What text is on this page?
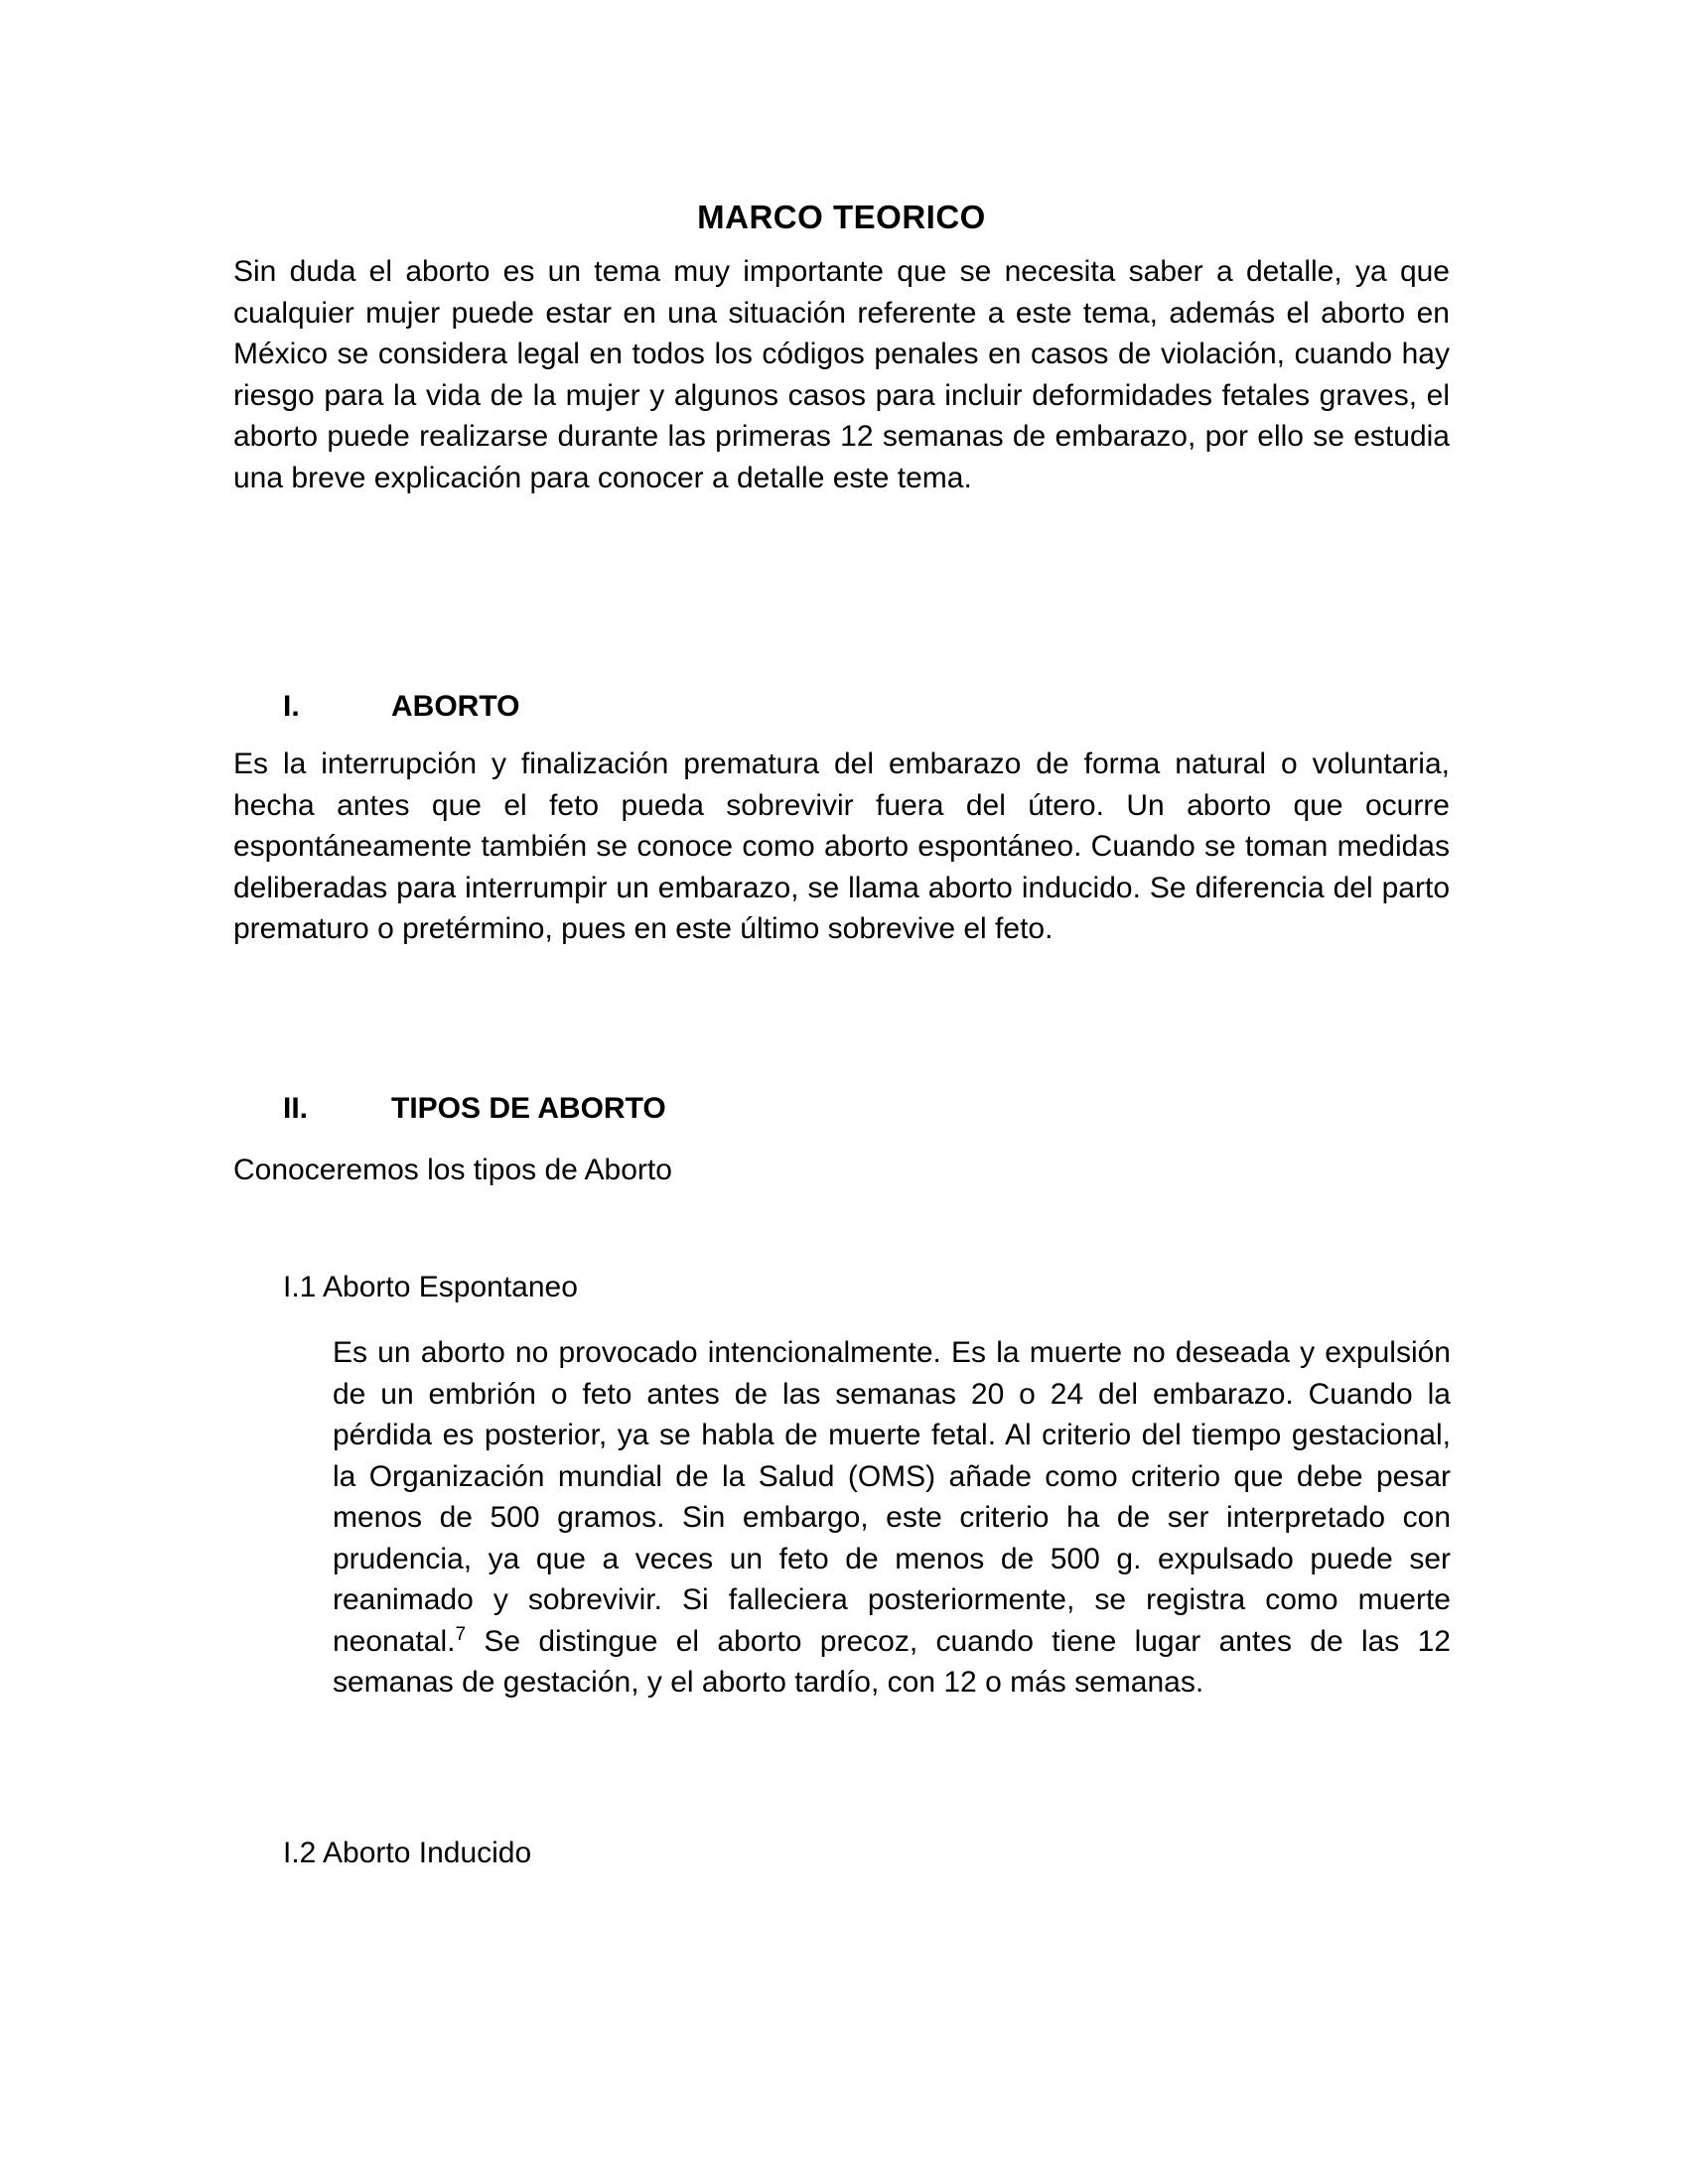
MARCO TEORICO
Sin duda el aborto es un tema muy importante que se necesita saber a detalle, ya que cualquier mujer puede estar en una situación referente a este tema, además el aborto en México se considera legal en todos los códigos penales en casos de violación, cuando hay riesgo para la vida de la mujer y algunos casos para incluir deformidades fetales graves, el aborto puede realizarse durante las primeras 12 semanas de embarazo, por ello se estudia una breve explicación para conocer a detalle este tema.
I.	ABORTO
Es la interrupción y finalización prematura del embarazo de forma natural o voluntaria, hecha antes que el feto pueda sobrevivir fuera del útero. Un aborto que ocurre espontáneamente también se conoce como aborto espontáneo. Cuando se toman medidas deliberadas para interrumpir un embarazo, se llama aborto inducido. Se diferencia del parto prematuro o pretérmino, pues en este último sobrevive el feto.
II.	TIPOS DE ABORTO
Conoceremos los tipos de Aborto
I.1 Aborto Espontaneo
Es un aborto no provocado intencionalmente. Es la muerte no deseada y expulsión de un embrión o feto antes de las semanas 20 o 24 del embarazo. Cuando la pérdida es posterior, ya se habla de muerte fetal. Al criterio del tiempo gestacional, la Organización mundial de la Salud (OMS) añade como criterio que debe pesar menos de 500 gramos. Sin embargo, este criterio ha de ser interpretado con prudencia, ya que a veces un feto de menos de 500 g. expulsado puede ser reanimado y sobrevivir. Si falleciera posteriormente, se registra como muerte neonatal.$^7$ Se distingue el aborto precoz, cuando tiene lugar antes de las 12 semanas de gestación, y el aborto tardío, con 12 o más semanas.
I.2 Aborto Inducido
